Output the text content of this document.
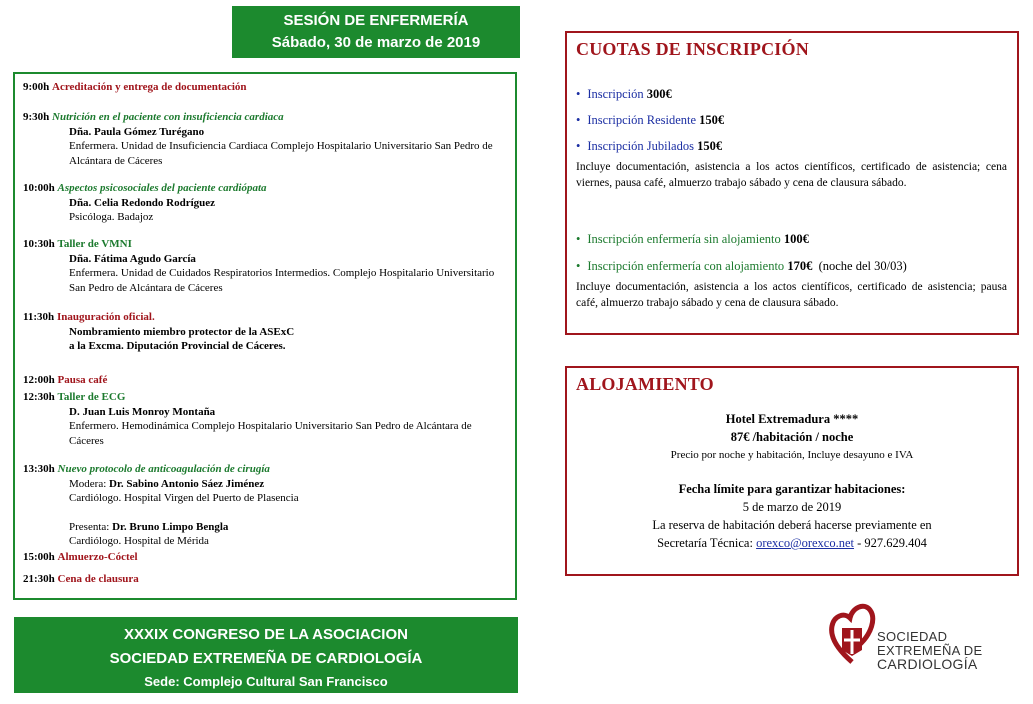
SESIÓN DE ENFERMERÍA
Sábado, 30 de marzo de 2019
9:00h Acreditación y entrega de documentación
9:30h Nutrición en el paciente con insuficiencia cardiaca
Dña. Paula Gómez Turégano
Enfermera. Unidad de Insuficiencia Cardiaca Complejo Hospitalario Universitario San Pedro de Alcántara de Cáceres
10:00h Aspectos psicosociales del paciente cardiópata
Dña. Celia Redondo Rodríguez
Psicóloga. Badajoz
10:30h Taller de VMNI
Dña. Fátima Agudo García
Enfermera. Unidad de Cuidados Respiratorios Intermedios. Complejo Hospitalario Universitario San Pedro de Alcántara de Cáceres
11:30h Inauguración oficial.
Nombramiento miembro protector de la ASExC
a la Excma. Diputación Provincial de Cáceres.
12:00h Pausa café
12:30h Taller de ECG
D. Juan Luis Monroy Montaña
Enfermero. Hemodinámica Complejo Hospitalario Universitario San Pedro de Alcántara de Cáceres
13:30h Nuevo protocolo de anticoagulación de cirugía
Modera: Dr. Sabino Antonio Sáez Jiménez
Cardiólogo. Hospital Virgen del Puerto de Plasencia
Presenta: Dr. Bruno Limpo Bengla
Cardiólogo. Hospital de Mérida
15:00h Almuerzo-Cóctel
21:30h Cena de clausura
XXXIX CONGRESO DE LA ASOCIACION
SOCIEDAD EXTREMEÑA DE CARDIOLOGÍA
Sede: Complejo Cultural San Francisco
CUOTAS DE INSCRIPCIÓN
• Inscripción 300€
• Inscripción Residente 150€
• Inscripción Jubilados 150€
Incluye documentación, asistencia a los actos científicos, certificado de asistencia; cena viernes, pausa café, almuerzo trabajo sábado y cena de clausura sábado.
• Inscripción enfermería sin alojamiento 100€
• Inscripción enfermería con alojamiento 170€  (noche del 30/03)
Incluye documentación, asistencia a los actos científicos, certificado de asistencia; pausa café, almuerzo trabajo sábado y cena de clausura sábado.
ALOJAMIENTO
Hotel Extremadura ****
87€ /habitación / noche
Precio por noche y habitación, Incluye desayuno e IVA
Fecha límite para garantizar habitaciones:
5 de marzo de 2019
La reserva de habitación deberá hacerse previamente en
Secretaría Técnica: orexco@orexco.net - 927.629.404
SOCIEDAD
EXTREMEÑA DE
CARDIOLOGÍA
